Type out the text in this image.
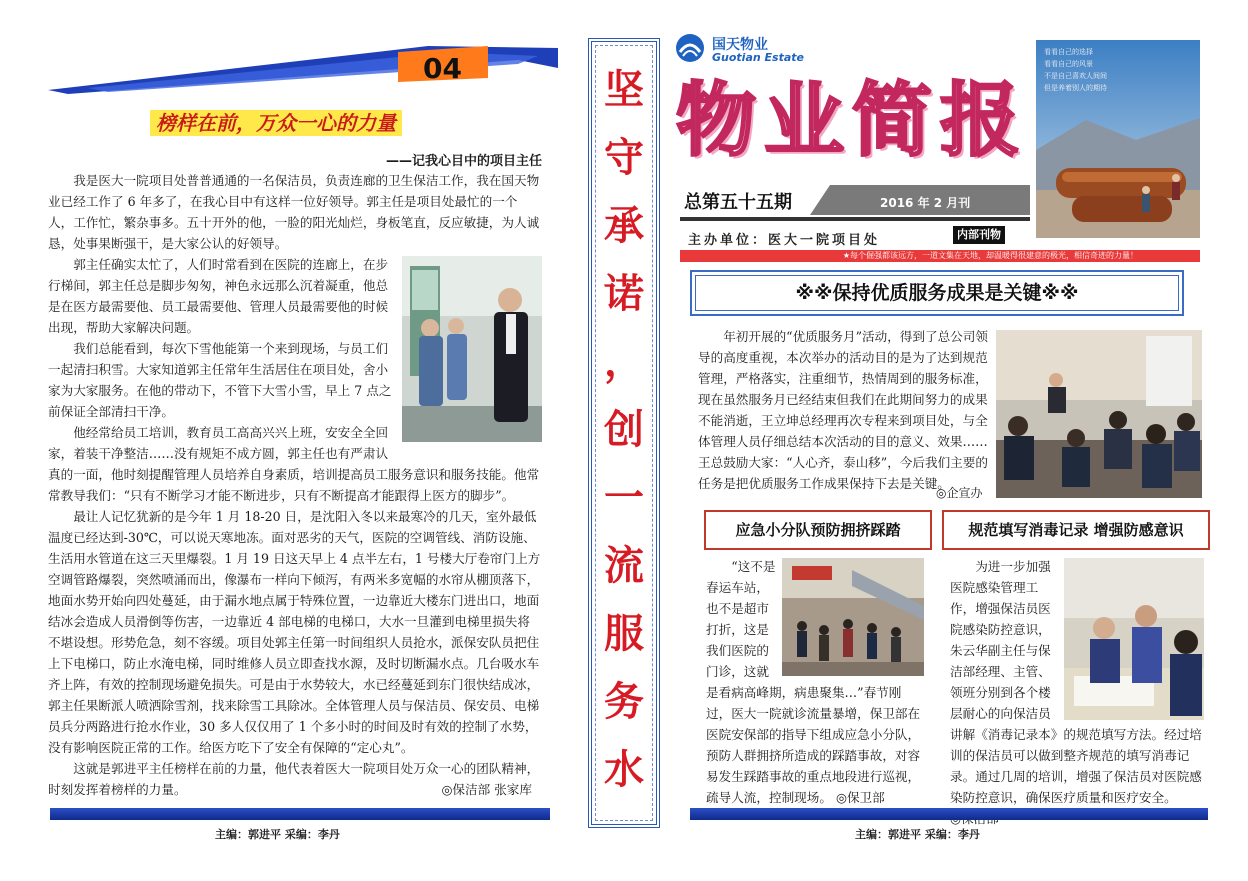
04
榜样在前，万众一心的力量
——记我心目中的项目主任

我是医大一院项目处普普通通的一名保洁员，负责连廊的卫生保洁工作，我在国天物业已经工作了 6 年多了，在我心目中有这样一位好领导。郭主任是项目处最忙的一个人，工作忙，繁杂事多。五十开外的他，一脸的阳光灿烂，身板笔直，反应敏捷，为人诚恳，处事果断强干，是大家公认的好领导。

郭主任确实太忙了，人们时常看到在医院的连廊上，在步行梯间，郭主任总是脚步匆匆，神色永远那么沉着凝重，他总是在医方最需要他、员工最需要他、管理人员最需要他的时候出现，帮助大家解决问题。

我们总能看到，每次下雪他能第一个来到现场，与员工们一起清扫积雪。大家知道郭主任常年生活居住在项目处，舍小家为大家服务。在他的带动下，不管下大雪小雪，早上 7 点之前保证全部清扫干净。

他经常给员工培训，教育员工高高兴兴上班，安安全全回家，着装干净整洁……没有规矩不成方圆，郭主任也有严肃认真的一面，他时刻提醒管理人员培养自身素质，培训提高员工服务意识和服务技能。他常常教导我们：“只有不断学习才能不断进步，只有不断提高才能跟得上医方的脚步”。

最让人记忆犹新的是今年 1 月 18-20 日，是沈阳入冬以来最寒冷的几天，室外最低温度已经达到-30℃，可以说天寒地冻。面对恶劣的天气，医院的空调管线、消防设施、生活用水管道在这三天里爆裂。1 月 19 日这天早上 4 点半左右，1 号楼大厅卷帘门上方空调管路爆裂，突然喷涌而出，像瀑布一样向下倾泻，有两米多宽幅的水帘从棚顶落下，地面水势开始向四处蔓延，由于漏水地点属于特殊位置，一边靠近大楼东门进出口，地面结冰会造成人员滑倒等伤害，一边靠近 4 部电梯的电梯口，大水一旦灌到电梯里损失将不堪设想。形势危急，刻不容缓。项目处郭主任第一时间组织人员抢水，派保安队员把住上下电梯口，防止水淹电梯，同时维修人员立即查找水源，及时切断漏水点。几台吸水车齐上阵，有效的控制现场避免损失。可是由于水势较大，水已经蔓延到东门很快结成冰，郭主任果断派人喷洒除雪剂，找来除雪工具除冰。全体管理人员与保洁员、保安员、电梯员兵分两路进行抢水作业，30 多人仅仅用了 1 个多小时的时间及时有效的控制了水势，没有影响医院正常的工作。给医方吃下了安全有保障的“定心丸”。

这就是郭进平主任榜样在前的力量，他代表着医大一院项目处万众一心的团队精神，时刻发挥着榜样的力量。	◎保洁部 张家库

主编：郭进平 采编：李丹
坚
守
承
诺
，
创
一
流
服
务
水
国天物业
Guotian Estate
物业简报
看看自己的选择
看看自己的风景
不是自己喜欢人间间
但是养着别人的期待
总第五十五期	2016 年 2 月刊
主办单位：医大一院项目处	内部刊物
★每个倔强都该远方，一道文集在天地，却温暖得很建意的极光，相信奇迹的力量！
※※保持优质服务成果是关键※※

年初开展的“优质服务月”活动，得到了总公司领导的高度重视，本次举办的活动目的是为了达到规范管理，严格落实，注重细节，热情周到的服务标准，现在虽然服务月已经结束但我们在此期间努力的成果不能消逝，王立坤总经理再次专程来到项目处，与全体管理人员仔细总结本次活动的目的意义、效果……王总鼓励大家：“人心齐，泰山移”，今后我们主要的任务是把优质服务工作成果保持下去是关键。

◎企宣办
应急小分队预防拥挤踩踏

“这不是春运车站，也不是超市打折，这是我们医院的门诊，这就是看病高峰期，病患聚集…”春节刚过，医大一院就诊流量暴增，保卫部在医院安保部的指导下组成应急小分队，预防人群拥挤所造成的踩踏事故，对容易发生踩踏事故的重点地段进行巡视，疏导人流，控制现场。 ◎保卫部

规范填写消毒记录 增强防感意识

为进一步加强医院感染管理工作，增强保洁员医院感染防控意识，朱云华副主任与保洁部经理、主管、领班分别到各个楼层耐心的向保洁员讲解《消毒记录本》的规范填写方法。经过培训的保洁员可以做到整齐规范的填写消毒记录。通过几周的培训，增强了保洁员对医院感染防控意识，确保医疗质量和医疗安全。

主编：郭进平 采编：李丹
